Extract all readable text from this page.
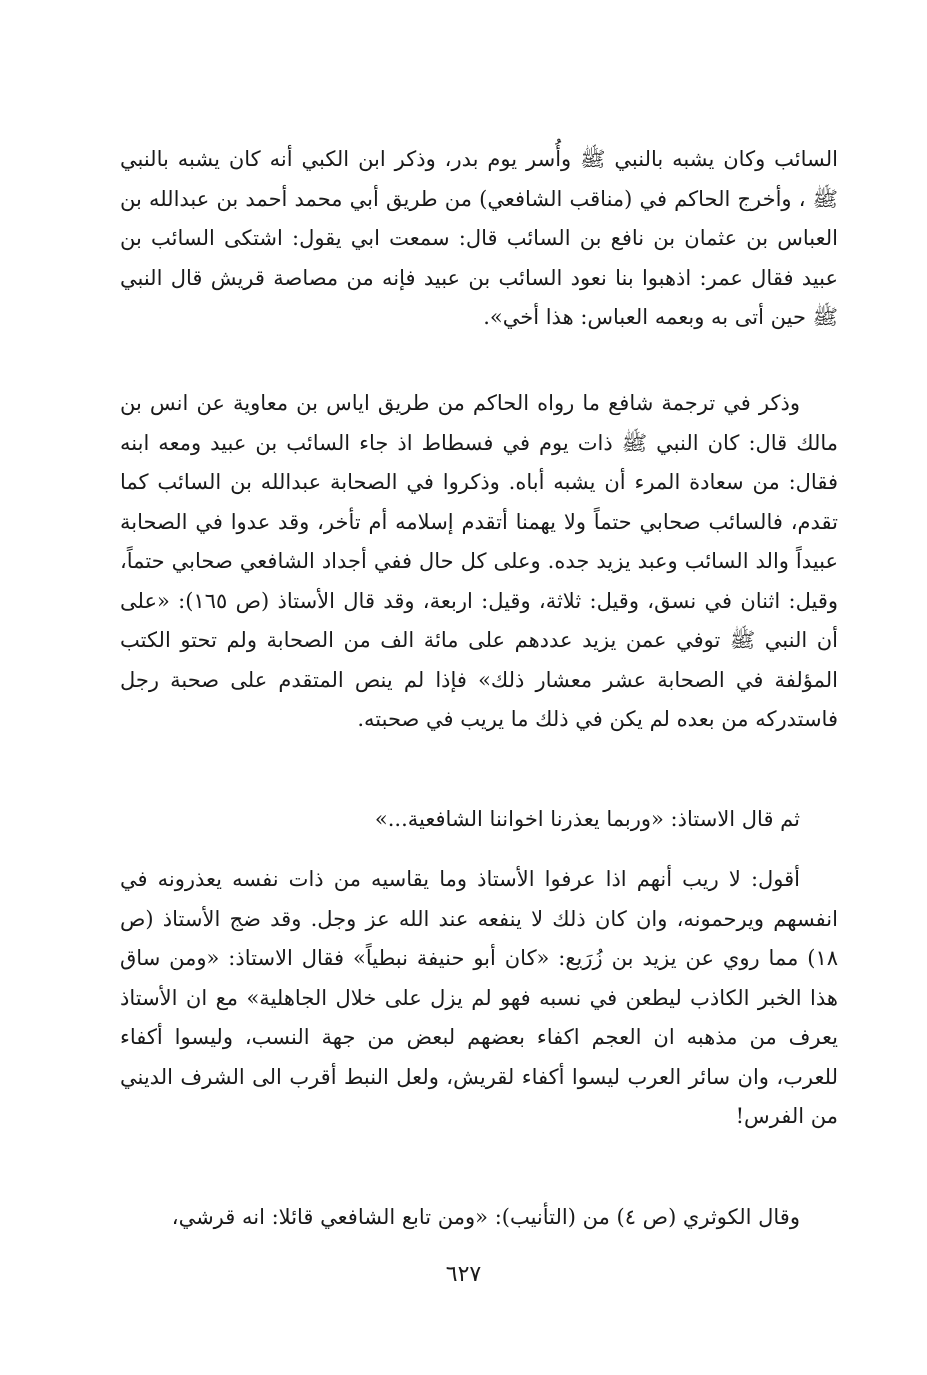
السائب وكان يشبه بالنبي ﷺ وأُسر يوم بدر، وذكر ابن الكبي أنه كان يشبه بالنبي ﷺ ، وأخرج الحاكم في (مناقب الشافعي) من طريق أبي محمد أحمد بن عبدالله بن العباس بن عثمان بن نافع بن السائب قال: سمعت ابي يقول: اشتكى السائب بن عبيد فقال عمر: اذهبوا بنا نعود السائب بن عبيد فإنه من مصاصة قريش قال النبي ﷺ حين أتى به وبعمه العباس: هذا أخي».

وذكر في ترجمة شافع ما رواه الحاكم من طريق اياس بن معاوية عن انس بن مالك قال: كان النبي ﷺ ذات يوم في فسطاط اذ جاء السائب بن عبيد ومعه ابنه فقال: من سعادة المرء أن يشبه أباه. وذكروا في الصحابة عبدالله بن السائب كما تقدم، فالسائب صحابي حتماً ولا يهمنا أتقدم إسلامه أم تأخر، وقد عدوا في الصحابة عبيداً والد السائب وعبد يزيد جده. وعلى كل حال ففي أجداد الشافعي صحابي حتماً، وقيل: اثنان في نسق، وقيل: ثلاثة، وقيل: اربعة، وقد قال الأستاذ (ص ١٦٥): «على أن النبي ﷺ توفي عمن يزيد عددهم على مائة الف من الصحابة ولم تحتو الكتب المؤلفة في الصحابة عشر معشار ذلك» فإذا لم ينص المتقدم على صحبة رجل فاستدركه من بعده لم يكن في ذلك ما يريب في صحبته.

ثم قال الاستاذ: «وربما يعذرنا اخواننا الشافعية...»

أقول: لا ريب أنهم اذا عرفوا الأستاذ وما يقاسيه من ذات نفسه يعذرونه في انفسهم ويرحمونه، وان كان ذلك لا ينفعه عند الله عز وجل. وقد ضج الأستاذ (ص ١٨) مما روي عن يزيد بن زُرَيع: «كان أبو حنيفة نبطياً» فقال الاستاذ: «ومن ساق هذا الخبر الكاذب ليطعن في نسبه فهو لم يزل على خلال الجاهلية» مع ان الأستاذ يعرف من مذهبه ان العجم اكفاء بعضهم لبعض من جهة النسب، وليسوا أكفاء للعرب، وان سائر العرب ليسوا أكفاء لقريش، ولعل النبط أقرب الى الشرف الديني من الفرس!

وقال الكوثري (ص ٤) من (التأنيب): «ومن تابع الشافعي قائلا: انه قرشي،

٦٢٧
